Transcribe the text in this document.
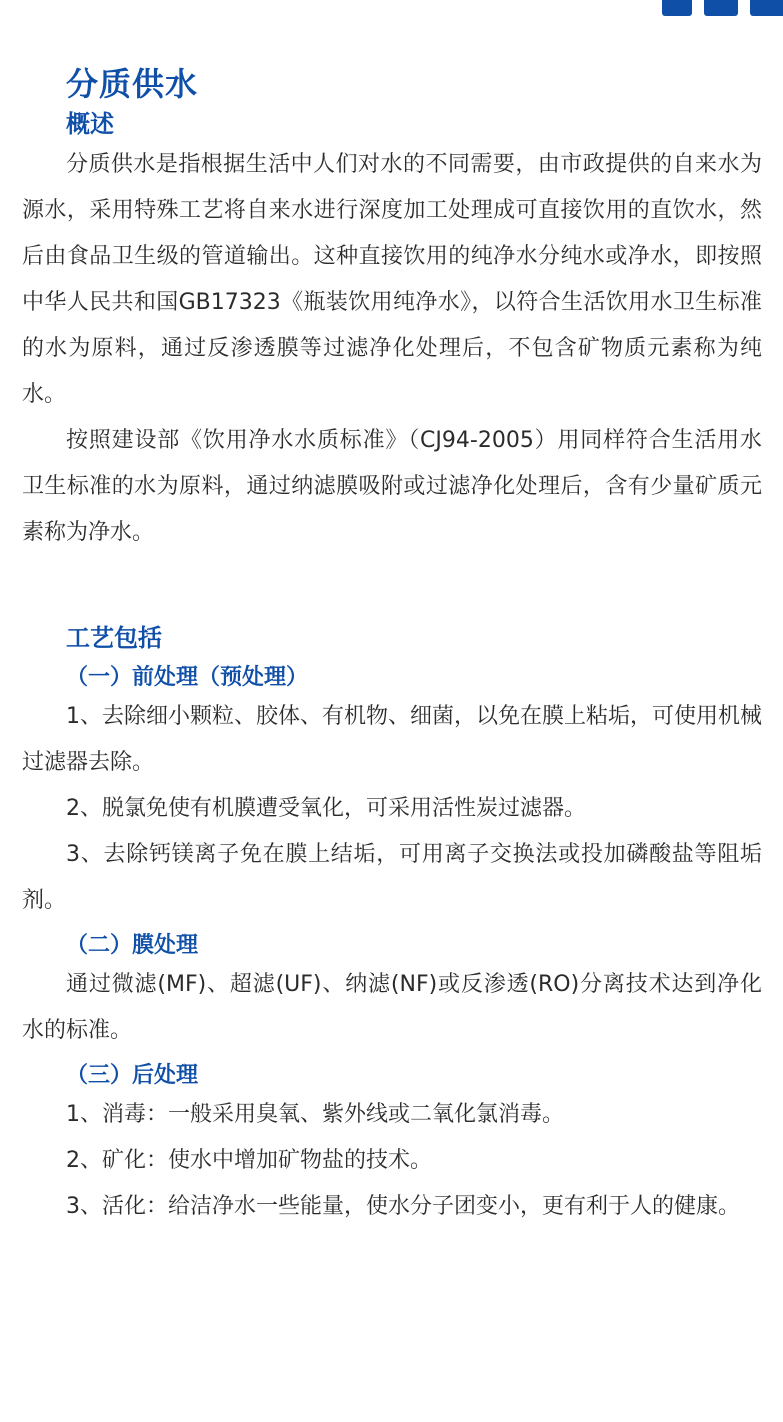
分质供水
概述

分质供水是指根据生活中人们对水的不同需要，由市政提供的自来水为源水，采用特殊工艺将自来水进行深度加工处理成可直接饮用的直饮水，然后由食品卫生级的管道输出。这种直接饮用的纯净水分纯水或净水，即按照中华人民共和国GB17323《瓶装饮用纯净水》，以符合生活饮用水卫生标准的水为原料，通过反渗透膜等过滤净化处理后，不包含矿物质元素称为纯水。

按照建设部《饮用净水水质标准》（CJ94-2005）用同样符合生活用水卫生标准的水为原料，通过纳滤膜吸附或过滤净化处理后，含有少量矿质元素称为净水。

工艺包括
（一）前处理（预处理）

1、去除细小颗粒、胶体、有机物、细菌，以免在膜上粘垢，可使用机械过滤器去除。

2、脱氯免使有机膜遭受氧化，可采用活性炭过滤器。

3、去除钙镁离子免在膜上结垢，可用离子交换法或投加磷酸盐等阻垢剂。

（二）膜处理

通过微滤(MF)、超滤(UF)、纳滤(NF)或反渗透(RO)分离技术达到净化水的标准。

（三）后处理

1、消毒：一般采用臭氧、紫外线或二氧化氯消毒。

2、矿化：使水中增加矿物盐的技术。

3、活化：给洁净水一些能量，使水分子团变小，更有利于人的健康。
